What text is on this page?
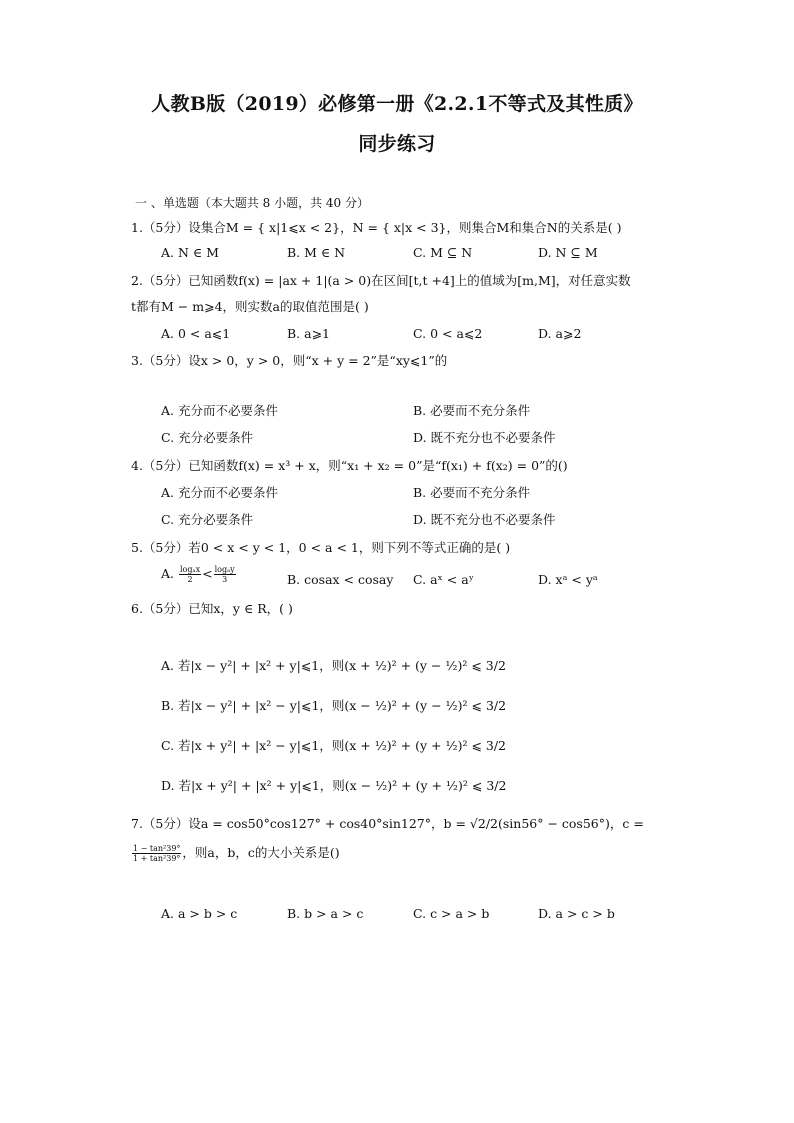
人教B版（2019）必修第一册《2.2.1不等式及其性质》
同步练习
一 、单选题（本大题共 8 小题，共 40 分）
1.（5分）设集合M = { x|1⩽x < 2}，N = { x|x < 3}，则集合M和集合N的关系是( )
A. N ∈ M	B. M ∈ N	C. M ⊆ N	D. N ⊆ M
2.（5分）已知函数f(x) = |ax + 1|(a > 0)在区间[t,t +4]上的值域为[m,M]，对任意实数
t都有M − m⩾4，则实数a的取值范围是( )
A. 0 < a⩽1	B. a⩾1	C. 0 < a⩽2	D. a⩾2
3.（5分）设x > 0，y > 0，则“x + y = 2”是“xy⩽1”的
A. 充分而不必要条件	B. 必要而不充分条件
C. 充分必要条件	D. 既不充分也不必要条件
4.（5分）已知函数f(x) = x³ + x，则“x₁ + x₂ = 0”是“f(x₁) + f(x₂) = 0”的()
A. 充分而不必要条件	B. 必要而不充分条件
C. 充分必要条件	D. 既不充分也不必要条件
5.（5分）若0 < x < y < 1，0 < a < 1，则下列不等式正确的是( )
A. $\frac{\text{logₐx}}{2} < \frac{\text{logₐy}}{3}$	B. cosax < cosay C. aˣ < aʸ	D. xᵃ < yᵃ
6.（5分）已知x，y ∈ R，( )
A. 若|x − y²| + |x² + y|⩽1，则(x + ½)² + (y − ½)² ⩽ 3/2
B. 若|x − y²| + |x² − y|⩽1，则(x − ½)² + (y − ½)² ⩽ 3/2
C. 若|x + y²| + |x² − y|⩽1，则(x + ½)² + (y + ½)² ⩽ 3/2
D. 若|x + y²| + |x² + y|⩽1，则(x − ½)² + (y + ½)² ⩽ 3/2
7.（5分）设a = cos50°cos127° + cos40°sin127°，b = √2/2(sin56° − cos56°)，c =
$\frac{\text{1 − tan²39°}}{\text{1 + tan²39°}}$ ，则a，b，c的大小关系是()
A. a > b > c	B. b > a > c	C. c > a > b	D. a > c > b
